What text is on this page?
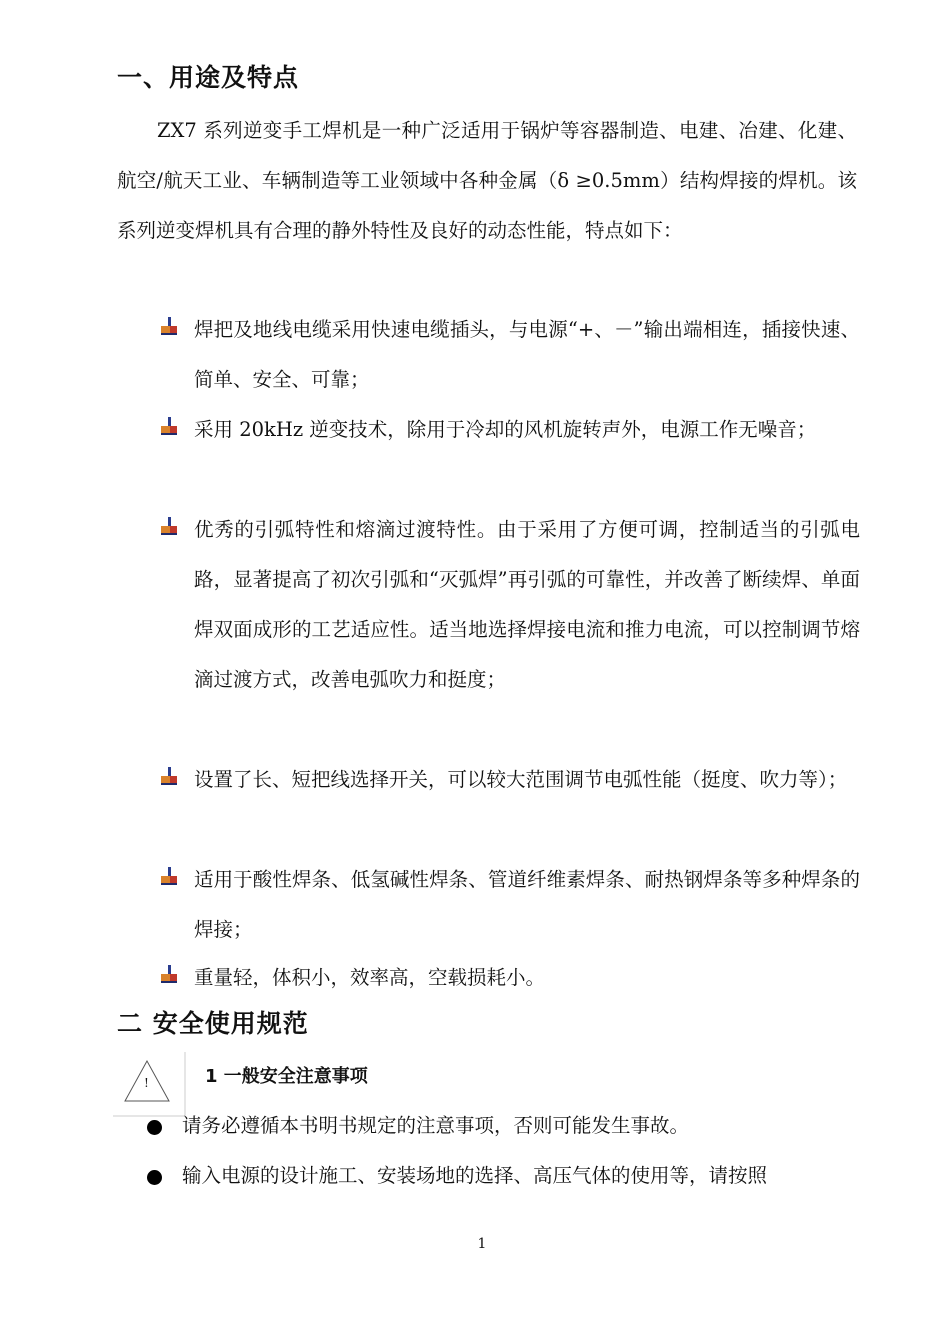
一、用途及特点

ZX7 系列逆变手工焊机是一种广泛适用于锅炉等容器制造、电建、冶建、化建、航空/航天工业、车辆制造等工业领域中各种金属（δ ≥0.5mm）结构焊接的焊机。该系列逆变焊机具有合理的静外特性及良好的动态性能，特点如下：

焊把及地线电缆采用快速电缆插头，与电源“+、－”输出端相连，插接快速、简单、安全、可靠；
采用 20kHz 逆变技术，除用于冷却的风机旋转声外，电源工作无噪音；
优秀的引弧特性和熔滴过渡特性。由于采用了方便可调，控制适当的引弧电路，显著提高了初次引弧和“灭弧焊”再引弧的可靠性，并改善了断续焊、单面焊双面成形的工艺适应性。适当地选择焊接电流和推力电流，可以控制调节熔滴过渡方式，改善电弧吹力和挺度；
设置了长、短把线选择开关，可以较大范围调节电弧性能（挺度、吹力等）；
适用于酸性焊条、低氢碱性焊条、管道纤维素焊条、耐热钢焊条等多种焊条的焊接；
重量轻，体积小，效率高，空载损耗小。
二 安全使用规范
!	1 一般安全注意事项
请务必遵循本书明书规定的注意事项，否则可能发生事故。
输入电源的设计施工、安装场地的选择、高压气体的使用等，请按照
1
